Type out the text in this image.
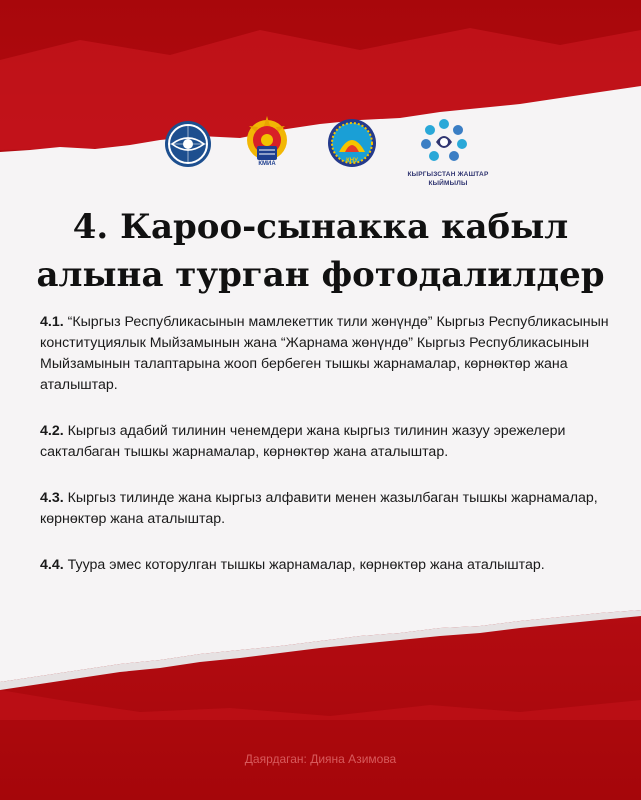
КМИА	КНУ
КЫРГЫЗСТАН ЖАШТАР
КЫЙМЫЛЫ
4. Кароо-сынакка кабыл
алына турган фотодалилдер

4.1. “Кыргыз Республикасынын мамлекеттик тили жөнүндө” Кыргыз Республикасынын конституциялык Мыйзамынын жана “Жарнама жөнүндө” Кыргыз Республикасынын Мыйзамынын талаптарына жооп бербеген тышкы жарнамалар, көрнөктөр жана аталыштар.

4.2. Кыргыз адабий тилинин ченемдери жана кыргыз тилинин жазуу эрежелери сакталбаган тышкы жарнамалар, көрнөктөр жана аталыштар.

4.3. Кыргыз тилинде жана кыргыз алфавити менен жазылбаган тышкы жарнамалар, көрнөктөр жана аталыштар.

4.4. Туура эмес которулган тышкы жарнамалар, көрнөктөр жана аталыштар.

Даярдаган: Дияна Азимова
